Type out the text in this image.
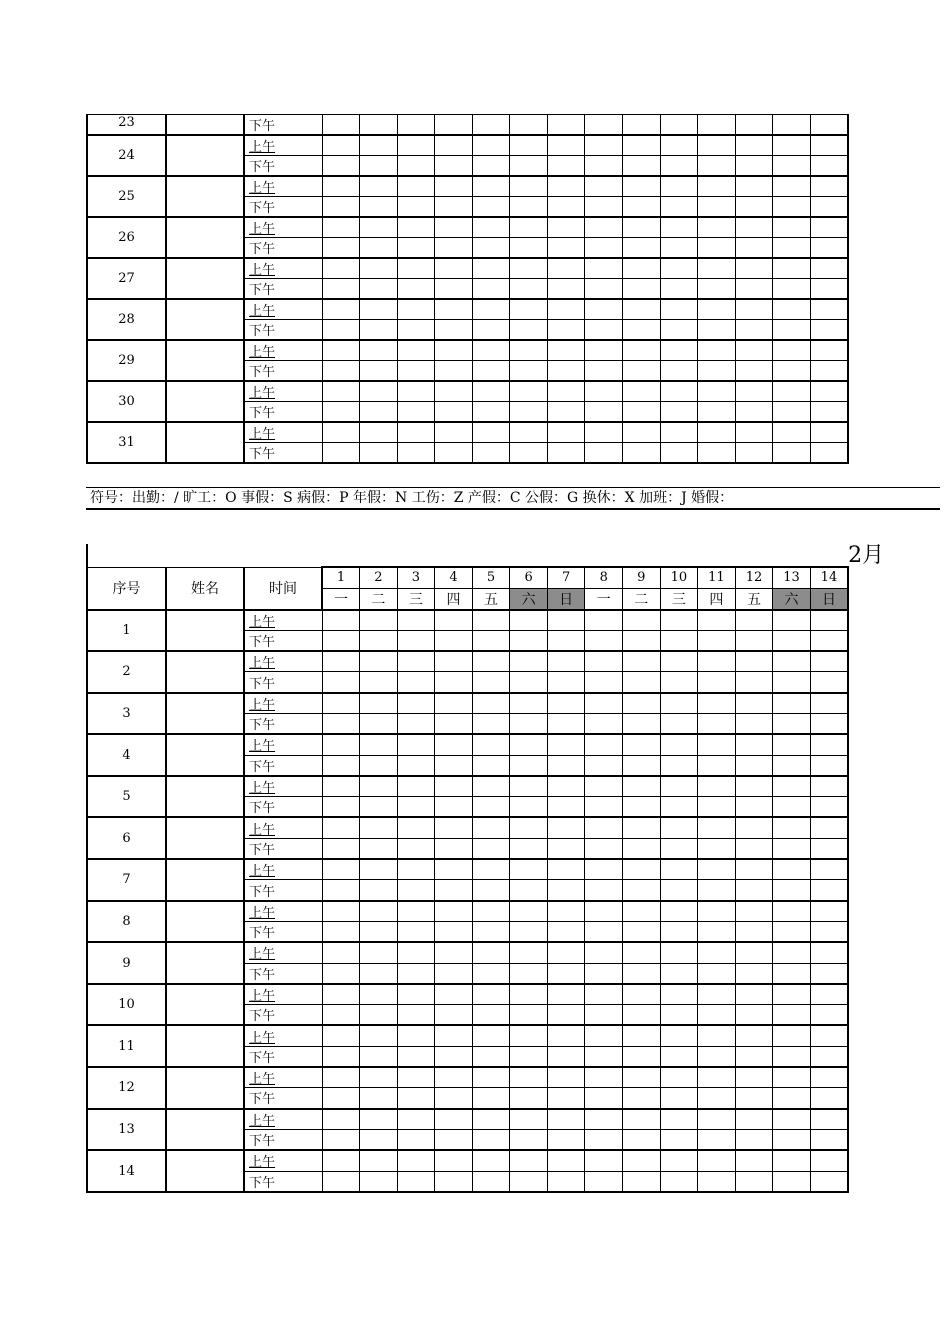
23		下午														
24		上午														
		下午														
25		上午														
		下午														
26		上午														
		下午														
27		上午														
		下午														
28		上午														
		下午														
29		上午														
		下午														
30		上午														
		下午														
31		上午														
		下午														
符号：出勤：/ 旷工：O 事假：S 病假：P 年假：N 工伤：Z 产假：C 公假：G 换休：X 加班：J 婚假：
2月																

序号	姓名	时间	1	2	3	4	5	6	7	8	9	10	11	12	13	14
			一	二	三	四	五	六	日	一	二	三	四	五	六	日
1		上午														
		下午														
2		上午														
		下午														
3		上午														
		下午														
4		上午														
		下午														
5		上午														
		下午														
6		上午														
		下午														
7		上午														
		下午														
8		上午														
		下午														
9		上午														
		下午														
10		上午														
		下午														
11		上午														
		下午														
12		上午														
		下午														
13		上午														
		下午														
14		上午														
		下午														
